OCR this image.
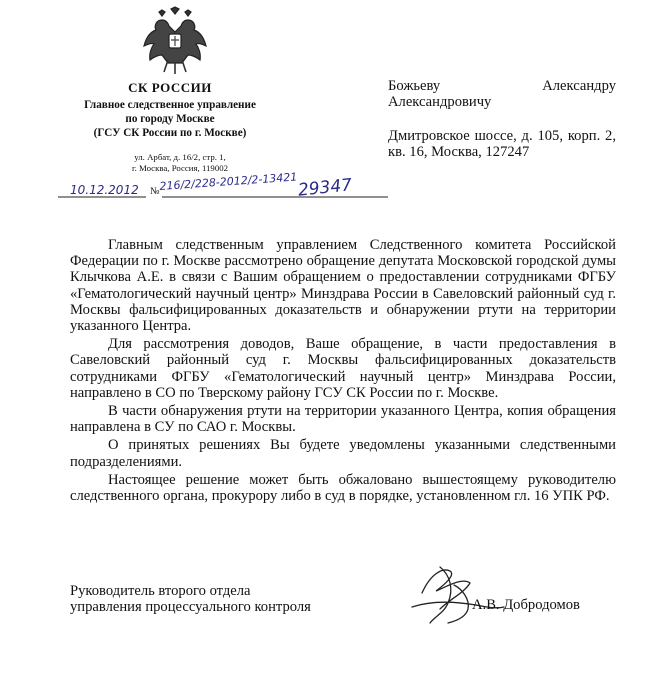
СК РОССИИ
Главное следственное управление
по городу Москве
(ГСУ СК России по г. Москве)
ул. Арбат, д. 16/2, стр. 1,
г. Москва, Россия, 119002
10.12.2012 № 216/2/228-2012/2-13421 29347
Божьеву	Александру
Александровичу
Дмитровское шоссе, д. 105, корп. 2, кв. 16, Москва, 127247

Главным следственным управлением Следственного комитета Российской Федерации по г. Москве рассмотрено обращение депутата Московской городской думы Клычкова А.Е. в связи с Вашим обращением о предоставлении сотрудниками ФГБУ «Гематологический научный центр» Минздрава России в Савеловский районный суд г. Москвы фальсифицированных доказательств и обнаружении ртути на территории указанного Центра.

Для рассмотрения доводов, Ваше обращение, в части предоставления в Савеловский районный суд г. Москвы фальсифицированных доказательств сотрудниками ФГБУ «Гематологический научный центр» Минздрава России, направлено в СО по Тверскому району ГСУ СК России по г. Москве.

В части обнаружения ртути на территории указанного Центра, копия обращения направлена в СУ по САО г. Москвы.

О принятых решениях Вы будете уведомлены указанными следственными подразделениями.

Настоящее решение может быть обжаловано вышестоящему руководителю следственного органа, прокурору либо в суд в порядке, установленном гл. 16 УПК РФ.

Руководитель второго отдела
управления процессуального контроля	А.В. Добродомов
